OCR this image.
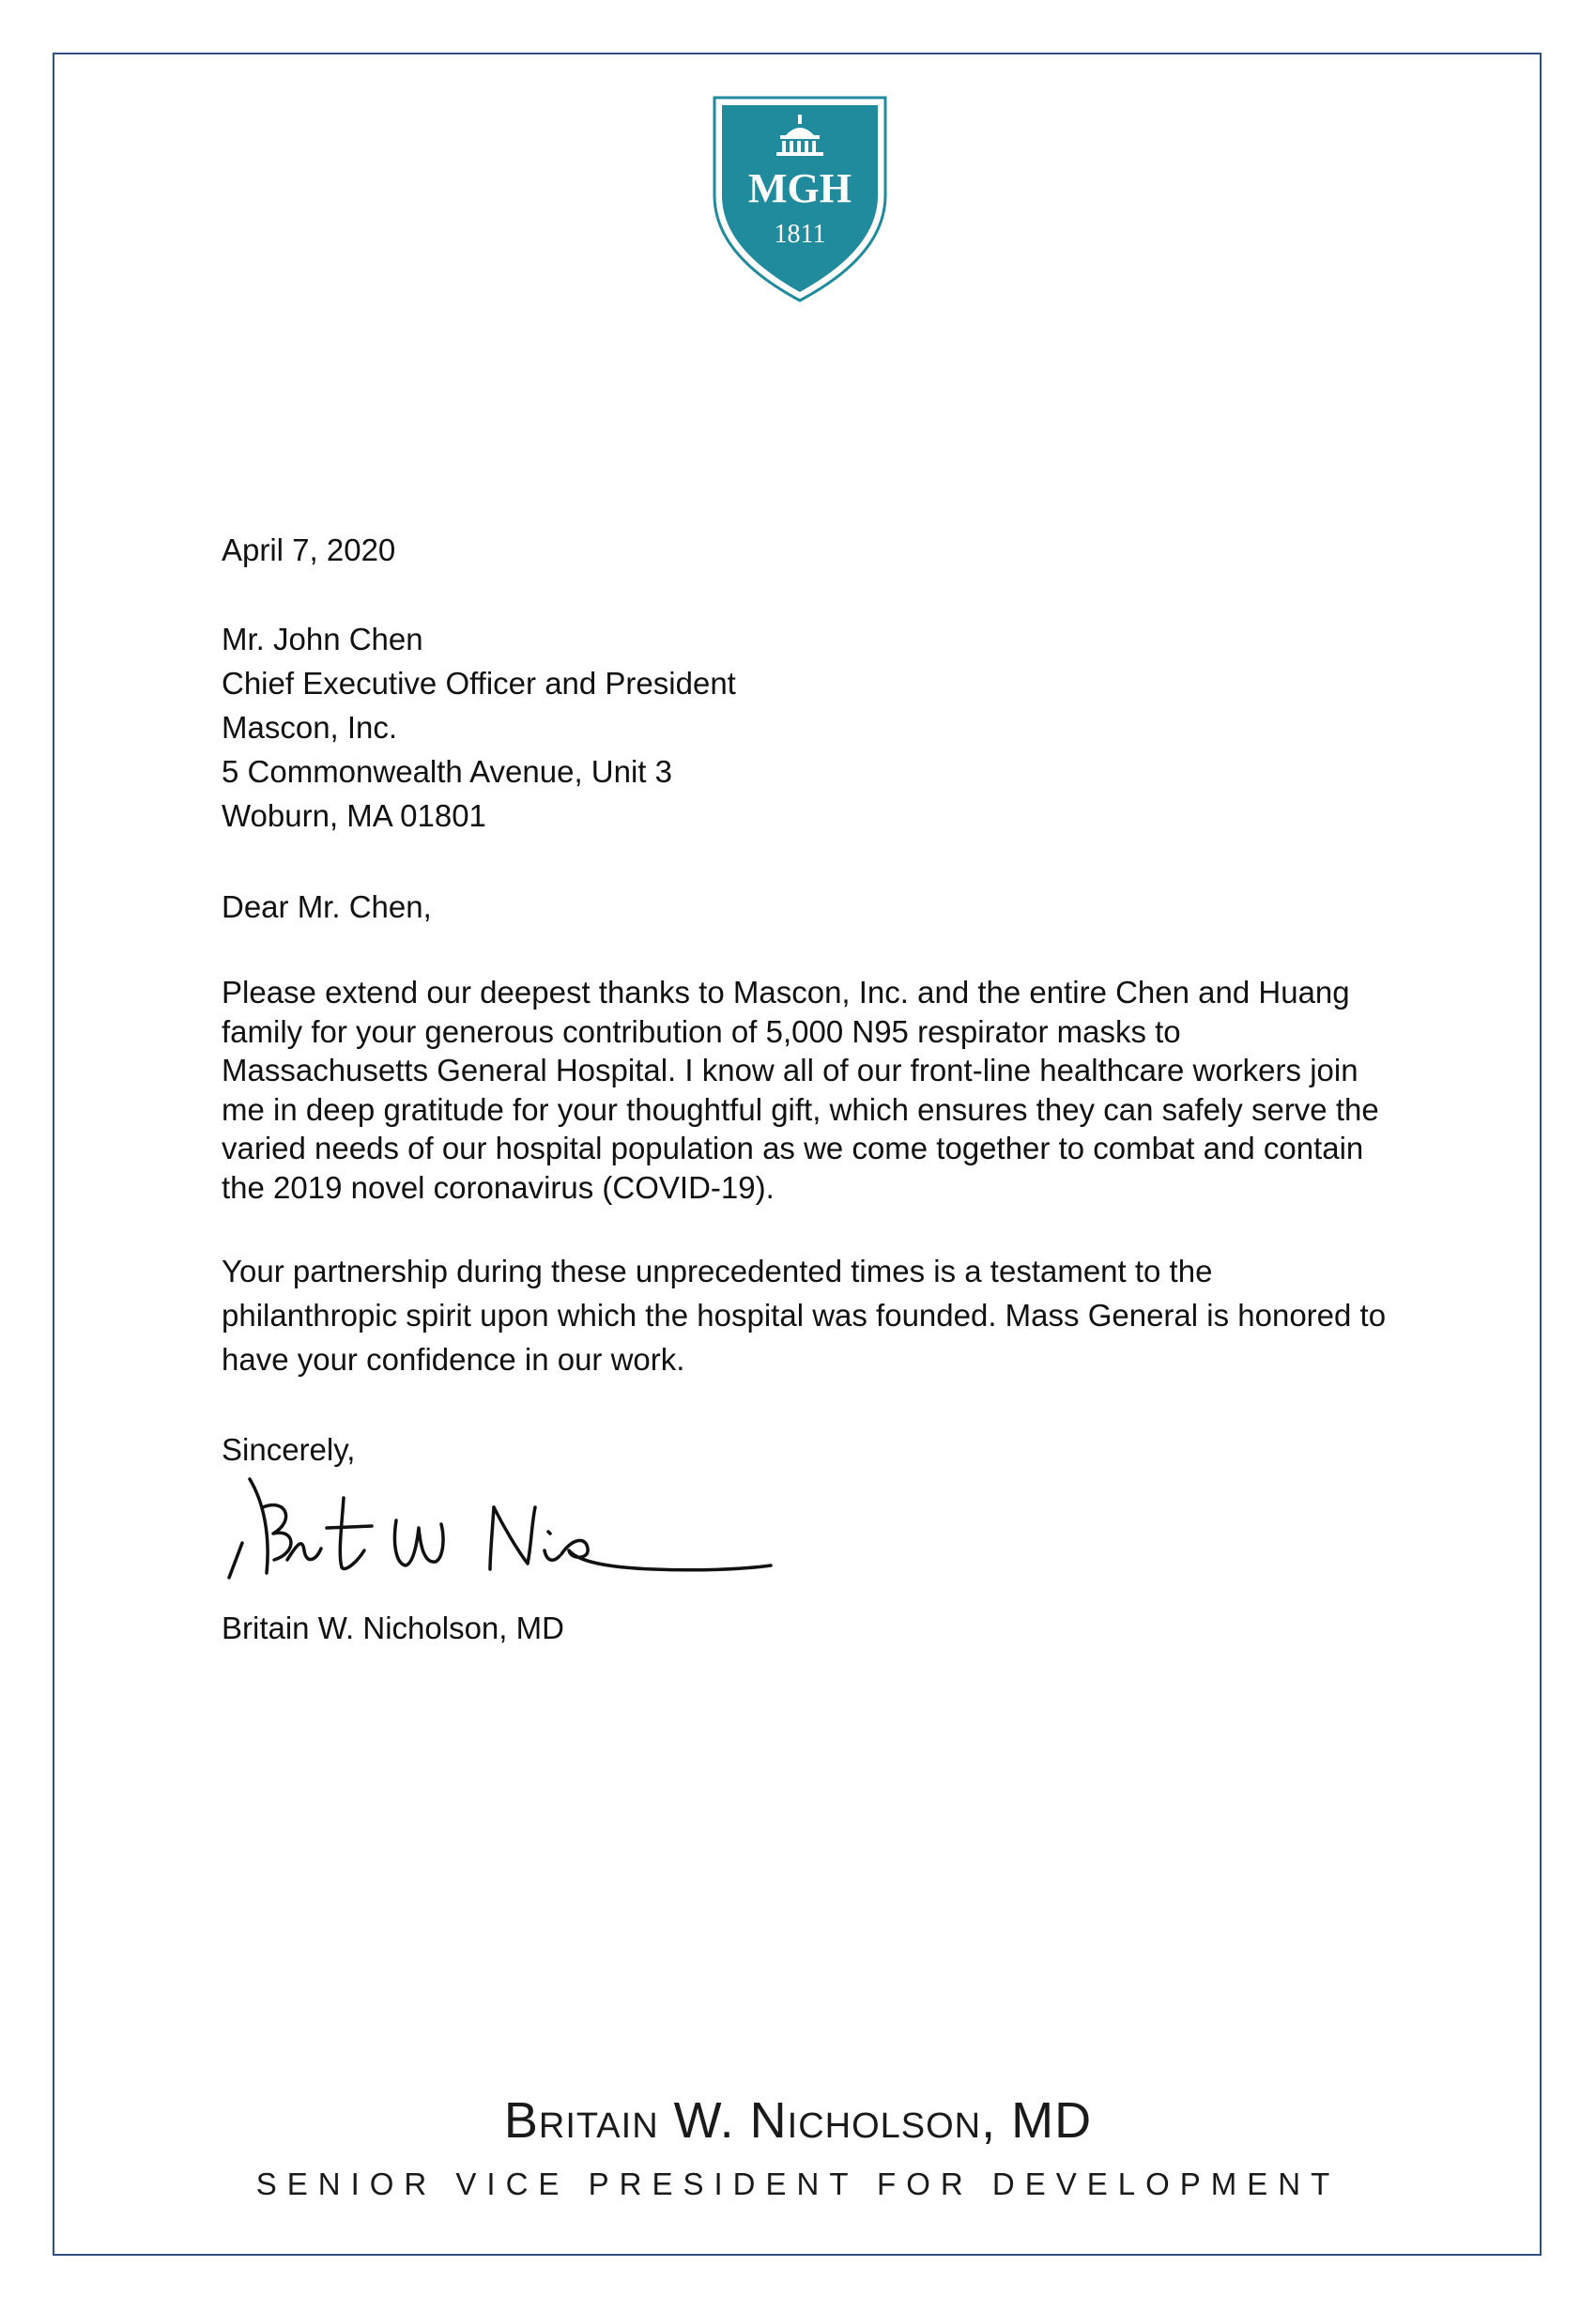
MGH
1811

April 7, 2020

Mr. John Chen
Chief Executive Officer and President
Mascon, Inc.
5 Commonwealth Avenue, Unit 3
Woburn, MA 01801

Dear Mr. Chen,

Please extend our deepest thanks to Mascon, Inc. and the entire Chen and Huang family for your generous contribution of 5,000 N95 respirator masks to Massachusetts General Hospital. I know all of our front-line healthcare workers join me in deep gratitude for your thoughtful gift, which ensures they can safely serve the varied needs of our hospital population as we come together to combat and contain the 2019 novel coronavirus (COVID-19).

Your partnership during these unprecedented times is a testament to the philanthropic spirit upon which the hospital was founded. Mass General is honored to have your confidence in our work.

Sincerely,

Britain W. Nicholson, MD

Britain W. Nicholson, MD
SENIOR VICE PRESIDENT FOR DEVELOPMENT
